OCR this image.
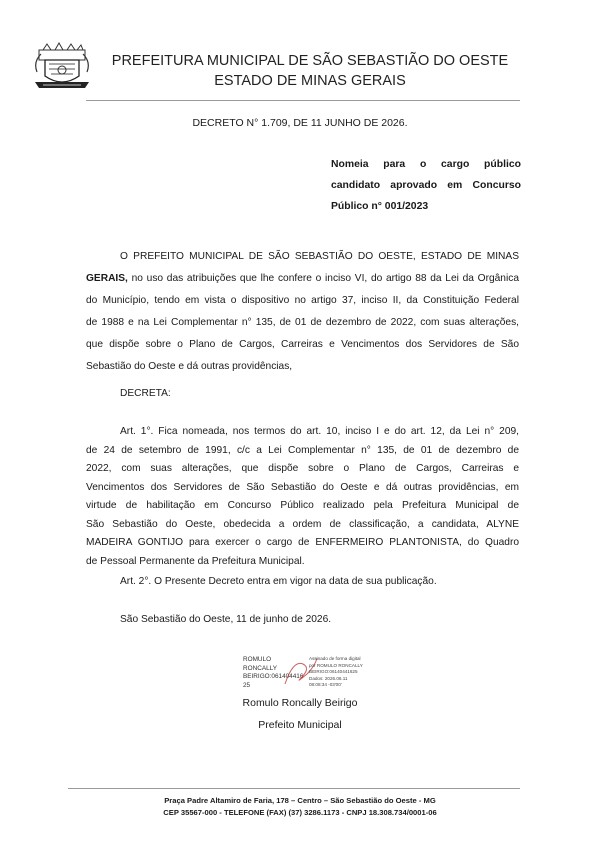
PREFEITURA MUNICIPAL DE SÃO SEBASTIÃO DO OESTE
ESTADO DE MINAS GERAIS
DECRETO N° 1.709, DE 11 JUNHO DE 2026.
Nomeia para o cargo público
candidato aprovado em Concurso
Público n° 001/2023
O PREFEITO MUNICIPAL DE SÃO SEBASTIÃO DO OESTE, ESTADO DE MINAS
GERAIS, no uso das atribuições que lhe confere o inciso VI, do artigo 88 da Lei da Orgânica
do Município, tendo em vista o dispositivo no artigo 37, inciso II, da Constituição Federal
de 1988 e na Lei Complementar n° 135, de 01 de dezembro de 2022, com suas alterações,
que dispõe sobre o Plano de Cargos, Carreiras e Vencimentos dos Servidores de São
Sebastião do Oeste e dá outras providências,
DECRETA:
Art. 1°. Fica nomeada, nos termos do art. 10, inciso I e do art. 12, da Lei n° 209,
de 24 de setembro de 1991, c/c a Lei Complementar n° 135, de 01 de dezembro de
2022, com suas alterações, que dispõe sobre o Plano de Cargos, Carreiras e
Vencimentos dos Servidores de São Sebastião do Oeste e dá outras providências, em
virtude de habilitação em Concurso Público realizado pela Prefeitura Municipal de
São Sebastião do Oeste, obedecida a ordem de classificação, a candidata, ALYNE
MADEIRA GONTIJO para exercer o cargo de ENFERMEIRO PLANTONISTA, do Quadro
de Pessoal Permanente da Prefeitura Municipal.
Art. 2°. O Presente Decreto entra em vigor na data de sua publicação.
São Sebastião do Oeste, 11 de junho de 2026.
ROMULO
RONCALLY
BEIRIGO:061404416
25
Assinado de forma digital
por ROMULO RONCALLY
BEIRIGO:06140441625
Dados: 2026.06.11
08:08:34 -03'00'
Romulo Roncally Beirigo
Prefeito Municipal
Praça Padre Altamiro de Faria, 178 – Centro – São Sebastião do Oeste - MG
CEP 35567-000 - TELEFONE (FAX) (37) 3286.1173 - CNPJ 18.308.734/0001-06
